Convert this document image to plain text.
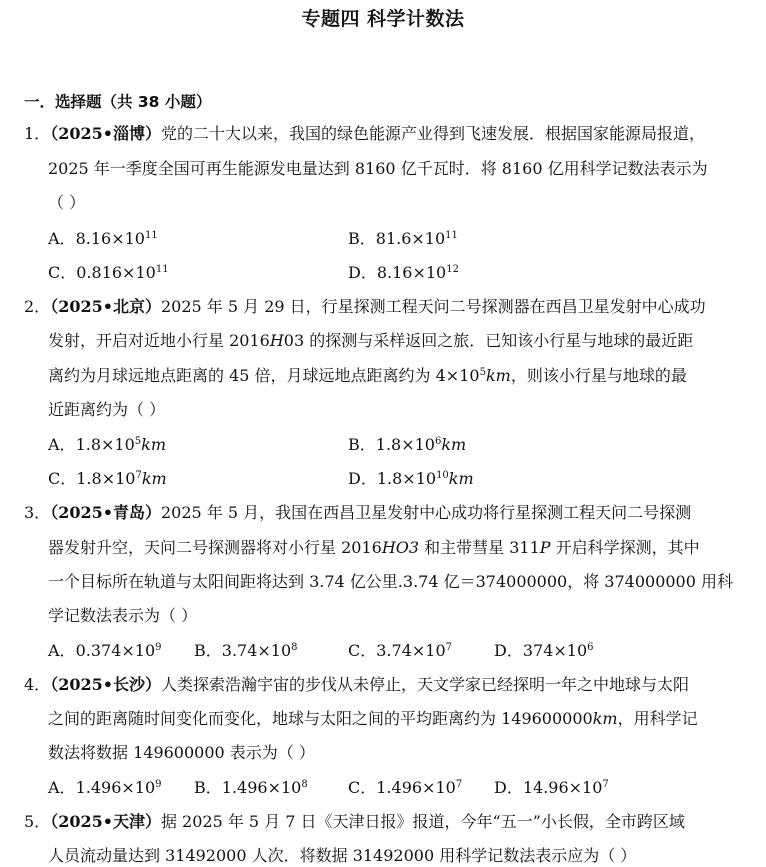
专题四 科学计数法
一．选择题（共 38 小题）
1．（2025•淄博）党的二十大以来，我国的绿色能源产业得到飞速发展．根据国家能源局报道，
2025 年一季度全国可再生能源发电量达到 8160 亿千瓦时．将 8160 亿用科学记数法表示为
（ ）
A．$8.16\times 10^{11}$	B．$81.6\times 10^{11}$
C．$0.816\times 10^{11}$	D．$8.16\times 10^{12}$
2．（2025•北京）2025 年 5 月 29 日，行星探测工程天问二号探测器在西昌卫星发射中心成功
发射，开启对近地小行星 2016H03 的探测与采样返回之旅．已知该小行星与地球的最近距
离约为月球远地点距离的 45 倍，月球远地点距离约为 $4\times 10^5km$，则该小行星与地球的最
近距离约为（ ）
A．$1.8\times 10^5km$	B．$1.8\times 10^6km$
C．$1.8\times 10^7km$	D．$1.8\times 10^{10}km$
3．（2025•青岛）2025 年 5 月，我国在西昌卫星发射中心成功将行星探测工程天问二号探测
器发射升空，天问二号探测器将对小行星 2016HO3 和主带彗星 311P 开启科学探测，其中
一个目标所在轨道与太阳间距将达到 3.74 亿公里.3.74 亿＝374000000，将 374000000 用科
学记数法表示为（ ）
A．$0.374\times 10^9$ B．$3.74\times 10^8$	C．$3.74\times 10^7$	D．$374\times 10^6$
4．（2025•长沙）人类探索浩瀚宇宙的步伐从未停止，天文学家已经探明一年之中地球与太阳
之间的距离随时间变化而变化，地球与太阳之间的平均距离约为 149600000km，用科学记
数法将数据 149600000 表示为（ ）
A．$1.496\times 10^9$ B．$1.496\times 10^8$	C．$1.496\times 10^7$ D．$14.96\times 10^7$
5．（2025•天津）据 2025 年 5 月 7 日《天津日报》报道，今年“五一”小长假，全市跨区域
人员流动量达到 31492000 人次．将数据 31492000 用科学记数法表示应为（ ）
